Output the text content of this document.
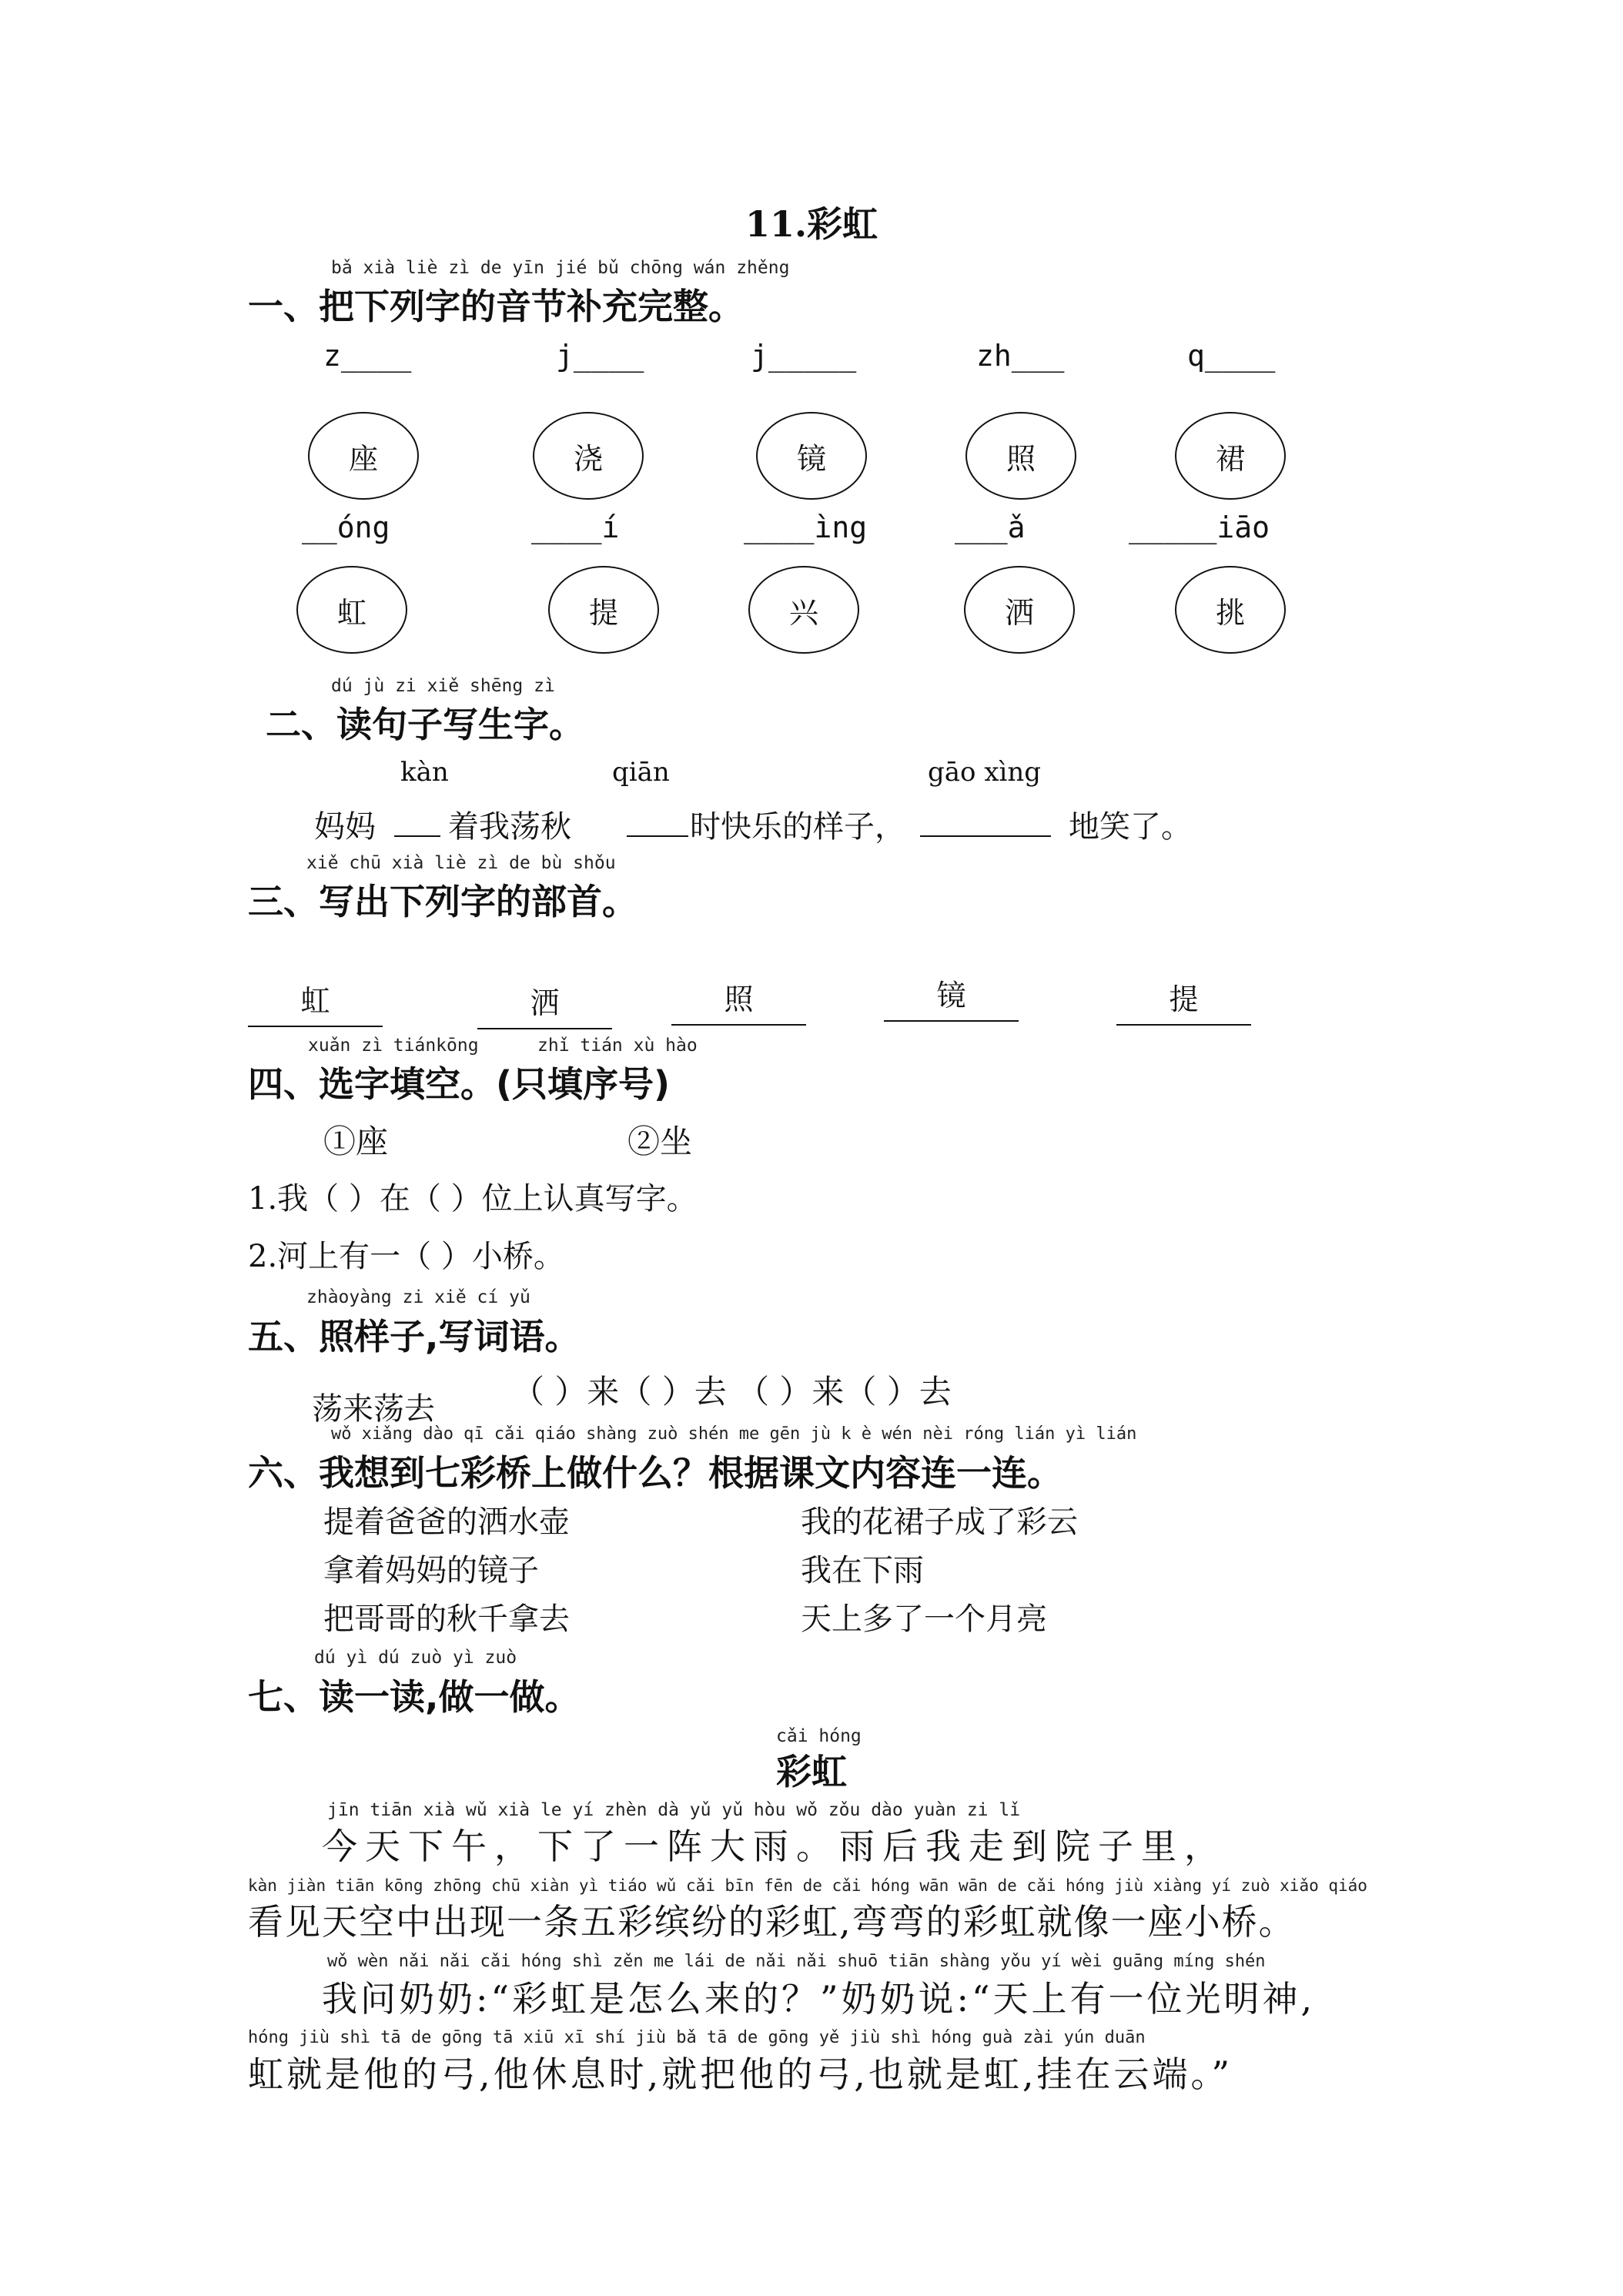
11.彩虹
bǎ xià liè zì de yīn jié bǔ chōng wán zhěng
一、把下列字的音节补充完整。
z____	j____	j_____	zh___	q____
座	浇	镜	照	裙
__óng	____í	____ìng	___ǎ	_____iāo
虹	提	兴	洒	挑
dú jù zi xiě shēng zì
二、读句子写生字。
kàn	qiān	gāo xìng
妈妈 着我荡秋	时快乐的样子，	地笑了。
xiě chū xià liè zì de bù shǒu
三、写出下列字的部首。
虹	洒	照	镜	提
xuǎn zì tiánkōng	zhǐ tián xù hào
四、选字填空。(只填序号)
①座	②坐
1.我（ ）在（ ）位上认真写字。
2.河上有一（ ）小桥。
zhàoyàng zi xiě cí yǔ
五、照样子,写词语。
荡来荡去 （ ）来（ ）去 （ ）来（ ）去
wǒ xiǎng dào qī cǎi qiáo shàng zuò shén me gēn jù k è wén nèi róng lián yì lián
六、我想到七彩桥上做什么？根据课文内容连一连。
提着爸爸的洒水壶
拿着妈妈的镜子
把哥哥的秋千拿去
我的花裙子成了彩云
我在下雨
天上多了一个月亮
dú yì dú zuò yì zuò
七、读一读,做一做。
cǎi hóng
彩虹
jīn tiān xià wǔ xià le yí zhèn dà yǔ yǔ hòu wǒ zǒu dào yuàn zi lǐ
今天下午，下了一阵大雨。雨后我走到院子里，
kàn jiàn tiān kōng zhōng chū xiàn yì tiáo wǔ cǎi bīn fēn de cǎi hóng wān wān de cǎi hóng jiù xiàng yí zuò xiǎo qiáo
看见天空中出现一条五彩缤纷的彩虹,弯弯的彩虹就像一座小桥。
wǒ wèn nǎi nǎi cǎi hóng shì zěn me lái de nǎi nǎi shuō tiān shàng yǒu yí wèi guāng míng shén
我问奶奶:“彩虹是怎么来的？”奶奶说:“天上有一位光明神,
hóng jiù shì tā de gōng tā xiū xī shí jiù bǎ tā de gōng yě jiù shì hóng guà zài yún duān
虹就是他的弓,他休息时,就把他的弓,也就是虹,挂在云端。”
